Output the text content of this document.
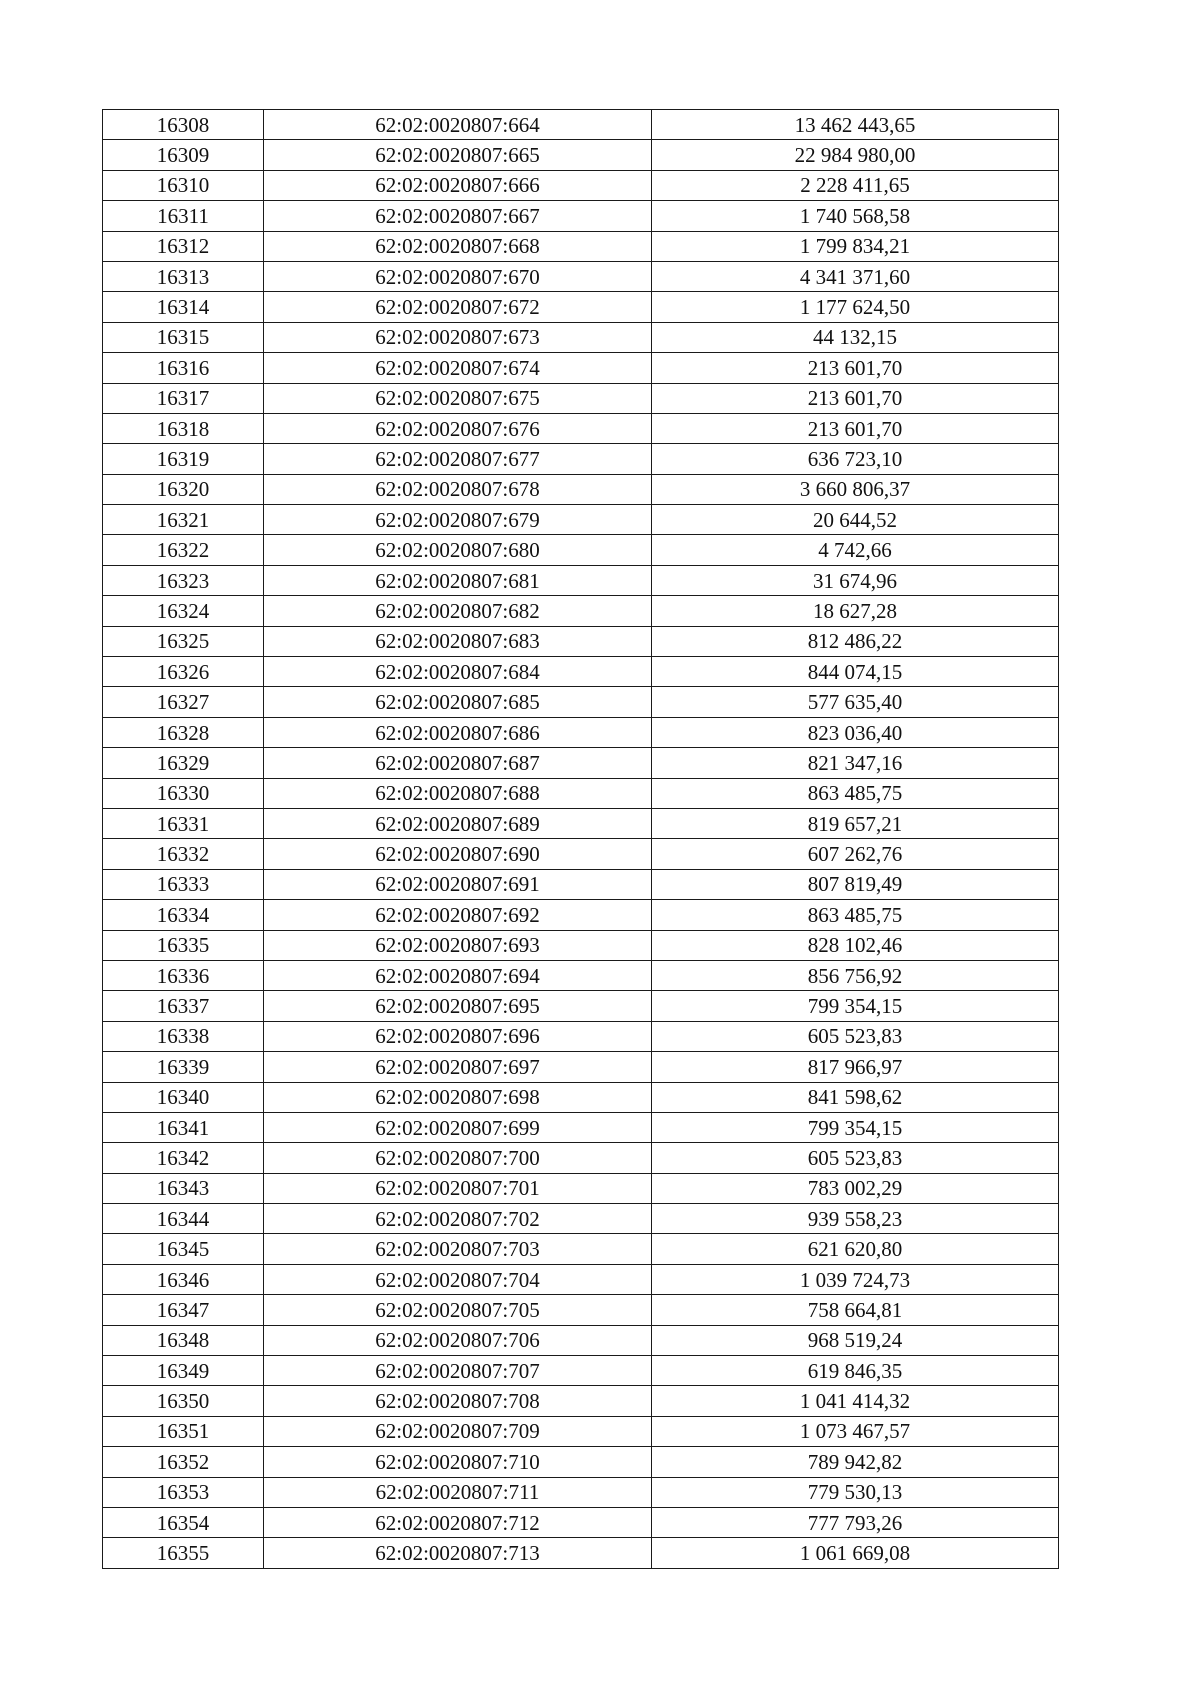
16308	62:02:0020807:664	13 462 443,65
16309	62:02:0020807:665	22 984 980,00
16310	62:02:0020807:666	2 228 411,65
16311	62:02:0020807:667	1 740 568,58
16312	62:02:0020807:668	1 799 834,21
16313	62:02:0020807:670	4 341 371,60
16314	62:02:0020807:672	1 177 624,50
16315	62:02:0020807:673	44 132,15
16316	62:02:0020807:674	213 601,70
16317	62:02:0020807:675	213 601,70
16318	62:02:0020807:676	213 601,70
16319	62:02:0020807:677	636 723,10
16320	62:02:0020807:678	3 660 806,37
16321	62:02:0020807:679	20 644,52
16322	62:02:0020807:680	4 742,66
16323	62:02:0020807:681	31 674,96
16324	62:02:0020807:682	18 627,28
16325	62:02:0020807:683	812 486,22
16326	62:02:0020807:684	844 074,15
16327	62:02:0020807:685	577 635,40
16328	62:02:0020807:686	823 036,40
16329	62:02:0020807:687	821 347,16
16330	62:02:0020807:688	863 485,75
16331	62:02:0020807:689	819 657,21
16332	62:02:0020807:690	607 262,76
16333	62:02:0020807:691	807 819,49
16334	62:02:0020807:692	863 485,75
16335	62:02:0020807:693	828 102,46
16336	62:02:0020807:694	856 756,92
16337	62:02:0020807:695	799 354,15
16338	62:02:0020807:696	605 523,83
16339	62:02:0020807:697	817 966,97
16340	62:02:0020807:698	841 598,62
16341	62:02:0020807:699	799 354,15
16342	62:02:0020807:700	605 523,83
16343	62:02:0020807:701	783 002,29
16344	62:02:0020807:702	939 558,23
16345	62:02:0020807:703	621 620,80
16346	62:02:0020807:704	1 039 724,73
16347	62:02:0020807:705	758 664,81
16348	62:02:0020807:706	968 519,24
16349	62:02:0020807:707	619 846,35
16350	62:02:0020807:708	1 041 414,32
16351	62:02:0020807:709	1 073 467,57
16352	62:02:0020807:710	789 942,82
16353	62:02:0020807:711	779 530,13
16354	62:02:0020807:712	777 793,26
16355	62:02:0020807:713	1 061 669,08
